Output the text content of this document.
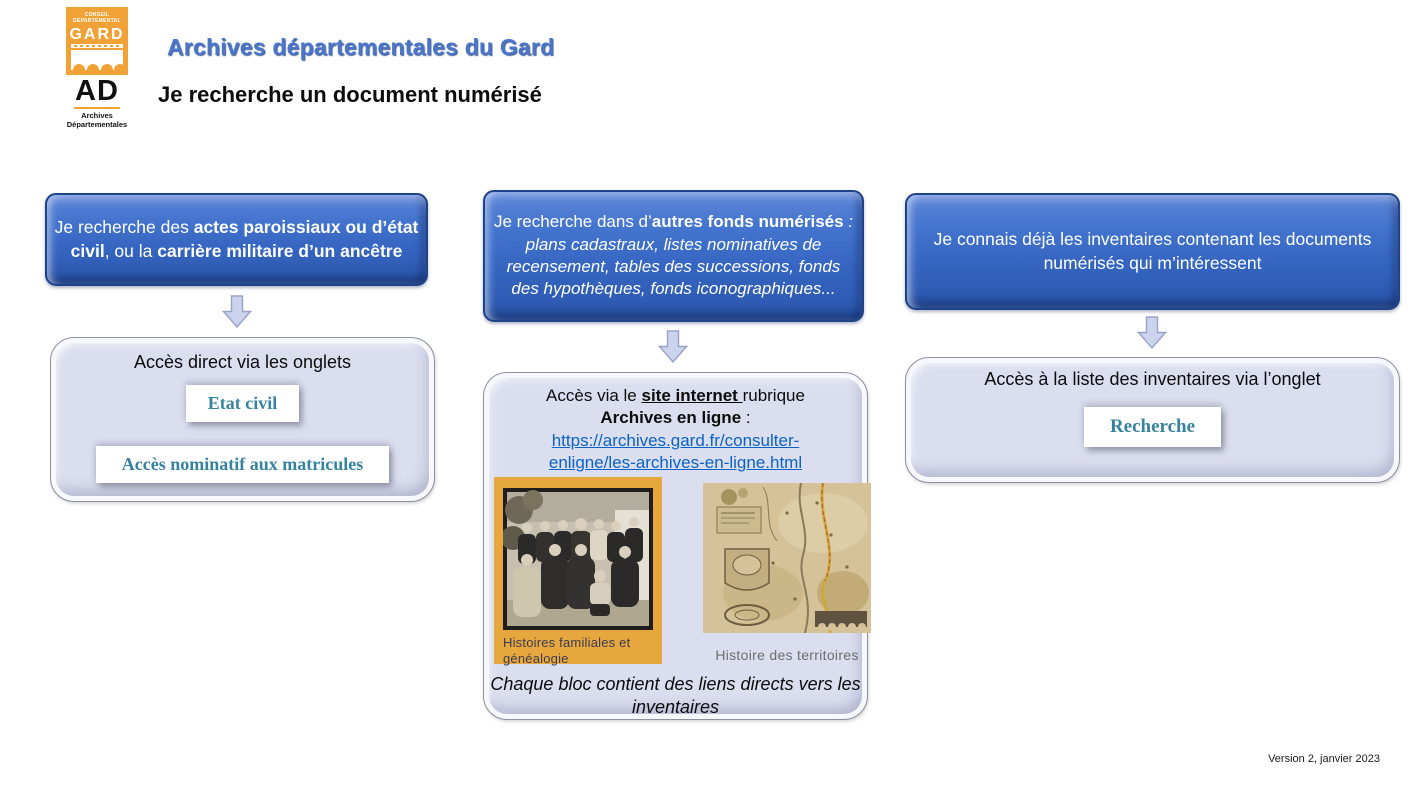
CONSEIL
DÉPARTEMENTAL
GARD
AD
Archives
Départementales
Archives départementales du Gard
Je recherche un document numérisé
Je recherche des actes paroissiaux ou d’état civil, ou la carrière militaire d’un ancêtre
Je recherche dans d’autres fonds numérisés : plans cadastraux, listes nominatives de recensement, tables des successions, fonds des hypothèques, fonds iconographiques...
Je connais déjà les inventaires contenant les documents numérisés qui m’intéressent
Accès direct via les onglets
Etat civil
Accès nominatif aux matricules
Accès via le site internet rubrique
Archives en ligne :
https://archives.gard.fr/consulter-
enligne/les-archives-en-ligne.html
Histoires familiales et généalogie	Histoire des territoires
Chaque bloc contient des liens directs vers les inventaires
Accès à la liste des inventaires via l’onglet
Recherche
Version 2, janvier 2023
